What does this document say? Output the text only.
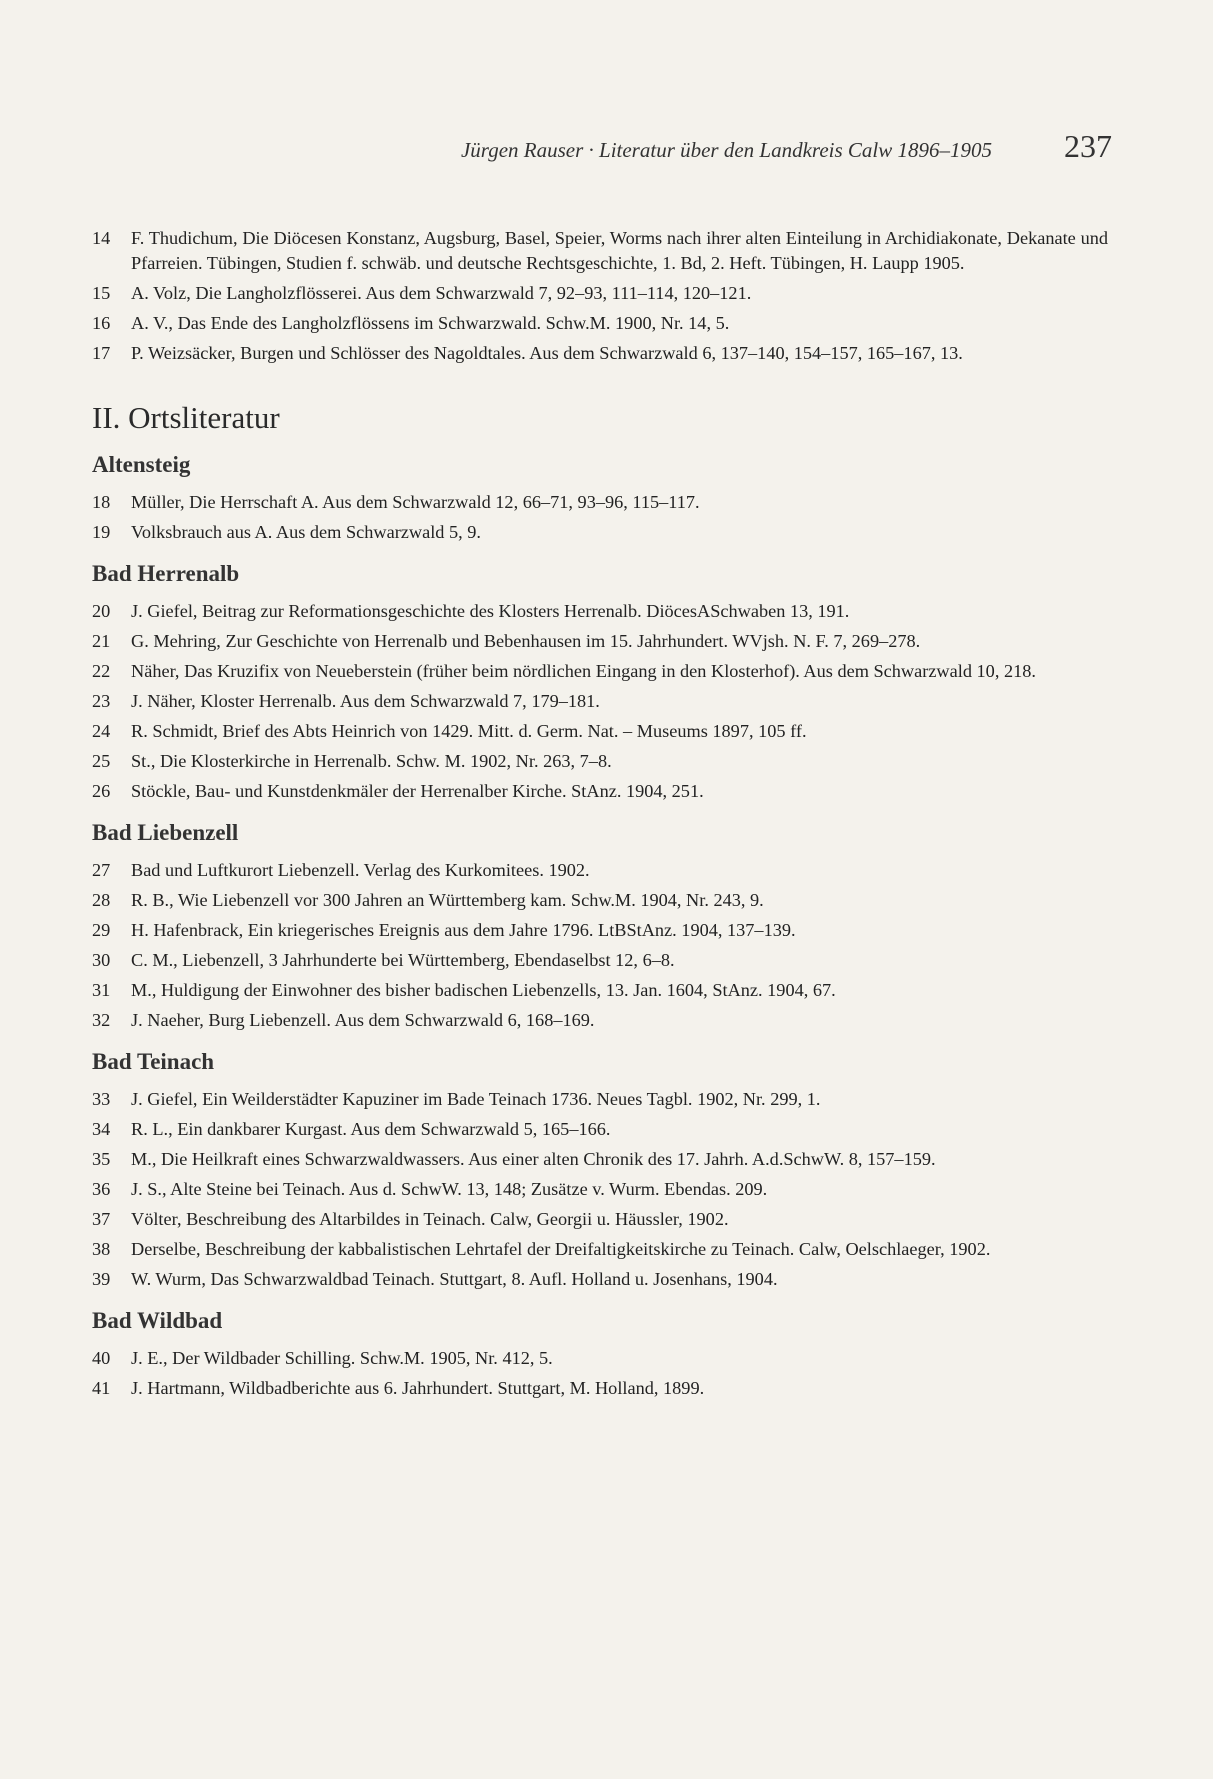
Jürgen Rauser · Literatur über den Landkreis Calw 1896–1905 237
14	F. Thudichum, Die Diöcesen Konstanz, Augsburg, Basel, Speier, Worms nach ihrer alten Einteilung in Archidiakonate, Dekanate und Pfarreien. Tübingen, Studien f. schwäb. und deutsche Rechtsgeschichte, 1. Bd, 2. Heft. Tübingen, H. Laupp 1905.
15	A. Volz, Die Langholzflösserei. Aus dem Schwarzwald 7, 92–93, 111–114, 120–121.
16	A. V., Das Ende des Langholzflössens im Schwarzwald. Schw.M. 1900, Nr. 14, 5.
17	P. Weizsäcker, Burgen und Schlösser des Nagoldtales. Aus dem Schwarzwald 6, 137–140, 154–157, 165–167, 13.
II. Ortsliteratur
Altensteig
18	Müller, Die Herrschaft A. Aus dem Schwarzwald 12, 66–71, 93–96, 115–117.
19	Volksbrauch aus A. Aus dem Schwarzwald 5, 9.
Bad Herrenalb
20	J. Giefel, Beitrag zur Reformationsgeschichte des Klosters Herrenalb. DiöcesASchwaben 13, 191.
21	G. Mehring, Zur Geschichte von Herrenalb und Bebenhausen im 15. Jahrhundert. WVjsh. N. F. 7, 269–278.
22	Näher, Das Kruzifix von Neueberstein (früher beim nördlichen Eingang in den Klosterhof). Aus dem Schwarzwald 10, 218.
23	J. Näher, Kloster Herrenalb. Aus dem Schwarzwald 7, 179–181.
24	R. Schmidt, Brief des Abts Heinrich von 1429. Mitt. d. Germ. Nat. – Museums 1897, 105 ff.
25	St., Die Klosterkirche in Herrenalb. Schw. M. 1902, Nr. 263, 7–8.
26	Stöckle, Bau- und Kunstdenkmäler der Herrenalber Kirche. StAnz. 1904, 251.
Bad Liebenzell
27	Bad und Luftkurort Liebenzell. Verlag des Kurkomitees. 1902.
28	R. B., Wie Liebenzell vor 300 Jahren an Württemberg kam. Schw.M. 1904, Nr. 243, 9.
29	H. Hafenbrack, Ein kriegerisches Ereignis aus dem Jahre 1796. LtBStAnz. 1904, 137–139.
30	C. M., Liebenzell, 3 Jahrhunderte bei Württemberg, Ebendaselbst 12, 6–8.
31	M., Huldigung der Einwohner des bisher badischen Liebenzells, 13. Jan. 1604, StAnz. 1904, 67.
32	J. Naeher, Burg Liebenzell. Aus dem Schwarzwald 6, 168–169.
Bad Teinach
33	J. Giefel, Ein Weilderstädter Kapuziner im Bade Teinach 1736. Neues Tagbl. 1902, Nr. 299, 1.
34	R. L., Ein dankbarer Kurgast. Aus dem Schwarzwald 5, 165–166.
35	M., Die Heilkraft eines Schwarzwaldwassers. Aus einer alten Chronik des 17. Jahrh. A.d.SchwW. 8, 157–159.
36	J. S., Alte Steine bei Teinach. Aus d. SchwW. 13, 148; Zusätze v. Wurm. Ebendas. 209.
37	Völter, Beschreibung des Altarbildes in Teinach. Calw, Georgii u. Häussler, 1902.
38	Derselbe, Beschreibung der kabbalistischen Lehrtafel der Dreifaltigkeitskirche zu Teinach. Calw, Oelschlaeger, 1902.
39	W. Wurm, Das Schwarzwaldbad Teinach. Stuttgart, 8. Aufl. Holland u. Josenhans, 1904.
Bad Wildbad
40	J. E., Der Wildbader Schilling. Schw.M. 1905, Nr. 412, 5.
41	J. Hartmann, Wildbadberichte aus 6. Jahrhundert. Stuttgart, M. Holland, 1899.
